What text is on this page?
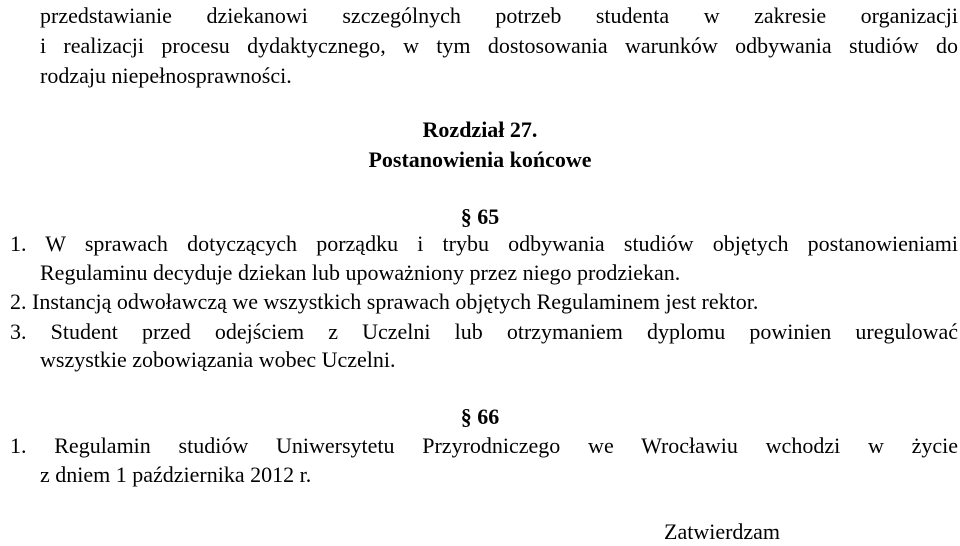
przedstawianie dziekanowi szczególnych potrzeb studenta w zakresie organizacji
i realizacji procesu dydaktycznego, w tym dostosowania warunków odbywania studiów do
rodzaju niepełnosprawności.
Rozdział 27.
Postanowienia końcowe
§ 65
1. W sprawach dotyczących porządku i trybu odbywania studiów objętych postanowieniami
Regulaminu decyduje dziekan lub upoważniony przez niego prodziekan.
2. Instancją odwoławczą we wszystkich sprawach objętych Regulaminem jest rektor.
3. Student przed odejściem z Uczelni lub otrzymaniem dyplomu powinien uregulować
wszystkie zobowiązania wobec Uczelni.
§ 66
1. Regulamin studiów Uniwersytetu Przyrodniczego we Wrocławiu wchodzi w życie
z dniem 1 października 2012 r.
Zatwierdzam
